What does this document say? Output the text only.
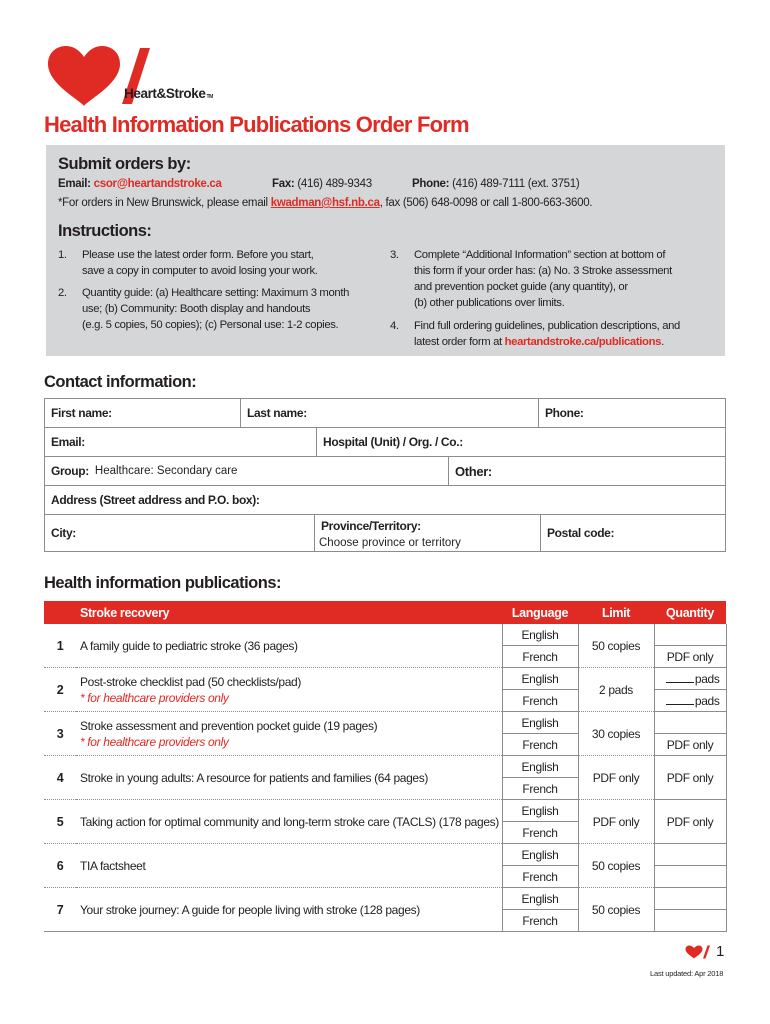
Heart&StrokeTM
Health Information Publications Order Form
Submit orders by:
Email: csor@heartandstroke.ca	Fax: (416) 489-9343	Phone: (416) 489-7111 (ext. 3751)
*For orders in New Brunswick, please email kwadman@hsf.nb.ca, fax (506) 648-0098 or call 1-800-663-3600.
Instructions:
1. Please use the latest order form. Before you start,
save a copy in computer to avoid losing your work.
2. Quantity guide: (a) Healthcare setting: Maximum 3 month
use; (b) Community: Booth display and handouts
(e.g. 5 copies, 50 copies); (c) Personal use: 1-2 copies.
3. Complete “Additional Information” section at bottom of
this form if your order has: (a) No. 3 Stroke assessment
and prevention pocket guide (any quantity), or
(b) other publications over limits.
4. Find full ordering guidelines, publication descriptions, and
latest order form at heartandstroke.ca/publications.
Contact information:
First name:	Last name:	Phone:
Email:	Hospital (Unit) / Org. / Co.:
Group: Healthcare: Secondary care	Other:
Address (Street address and P.O. box):
City:	Province/Territory:
Choose province or territory
Postal code:
Health information publications:
	Stroke recovery	Language	Limit	Quantity
1	A family guide to pediatric stroke (36 pages)	English	50 copies	
		French		PDF only
2	Post-stroke checklist pad (50 checklists/pad)
* for healthcare providers only	English	2 pads	pads
		French		pads
3	Stroke assessment and prevention pocket guide (19 pages)
* for healthcare providers only	English	30 copies	
		French		PDF only
4	Stroke in young adults: A resource for patients and families (64 pages)	English	PDF only	PDF only
		French		
5	Taking action for optimal community and long-term stroke care (TACLS) (178 pages)	English	PDF only	PDF only
		French		
6	TIA factsheet	English	50 copies	
		French		
7	Your stroke journey: A guide for people living with stroke (128 pages)	English	50 copies	
		French		
1
Last updated: Apr 2018
